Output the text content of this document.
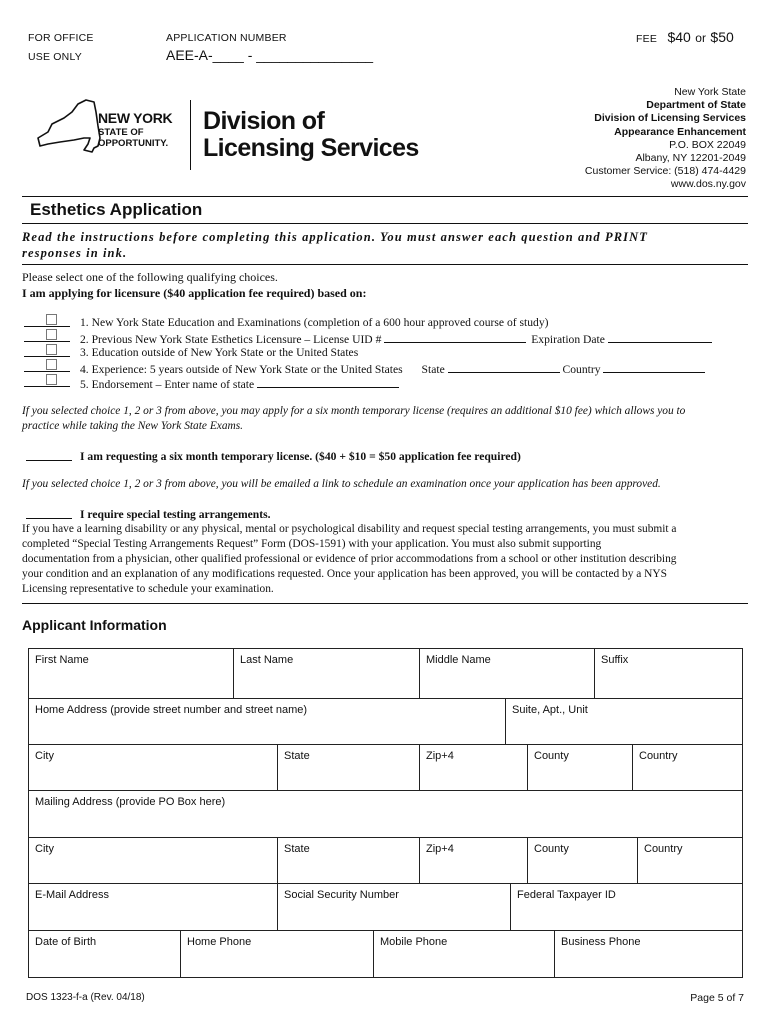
FOR OFFICE
USE ONLY
APPLICATION NUMBER
AEE-A-____ - _______________
FEE $40 or $50
NEW YORK
STATE OF
OPPORTUNITY.
Division of
Licensing Services
New York State
Department of State
Division of Licensing Services
Appearance Enhancement
P.O. BOX 22049
Albany, NY 12201-2049
Customer Service: (518) 474-4429
www.dos.ny.gov
Esthetics Application
Read the instructions before completing this application. You must answer each question and PRINT
responses in ink.
Please select one of the following qualifying choices.
I am applying for licensure ($40 application fee required) based on:
1. New York State Education and Examinations (completion of a 600 hour approved course of study)
2. Previous New York State Esthetics Licensure – License UID #	Expiration Date
3. Education outside of New York State or the United States
4. Experience: 5 years outside of New York State or the United States State	Country
5. Endorsement – Enter name of state
If you selected choice 1, 2 or 3 from above, you may apply for a six month temporary license (requires an additional $10 fee) which allows you to
practice while taking the New York State Exams.
I am requesting a six month temporary license. ($40 + $10 = $50 application fee required)
If you selected choice 1, 2 or 3 from above, you will be emailed a link to schedule an examination once your application has been approved.
I require special testing arrangements.
If you have a learning disability or any physical, mental or psychological disability and request special testing arrangements, you must submit a
completed “Special Testing Arrangements Request” Form (DOS-1591) with your application. You must also submit supporting
documentation from a physician, other qualified professional or evidence of prior accommodations from a school or other institution describing
your condition and an explanation of any modifications requested. Once your application has been approved, you will be contacted by a NYS
Licensing representative to schedule your examination.
Applicant Information
First Name	Last Name	Middle Name	Suffix
Home Address (provide street number and street name)	Suite, Apt., Unit
City	State	Zip+4	County	Country
Mailing Address (provide PO Box here)
City	State	Zip+4	County	Country
E-Mail Address	Social Security Number	Federal Taxpayer ID
Date of Birth	Home Phone	Mobile Phone	Business Phone
DOS 1323-f-a (Rev. 04/18)	Page 5 of 7
